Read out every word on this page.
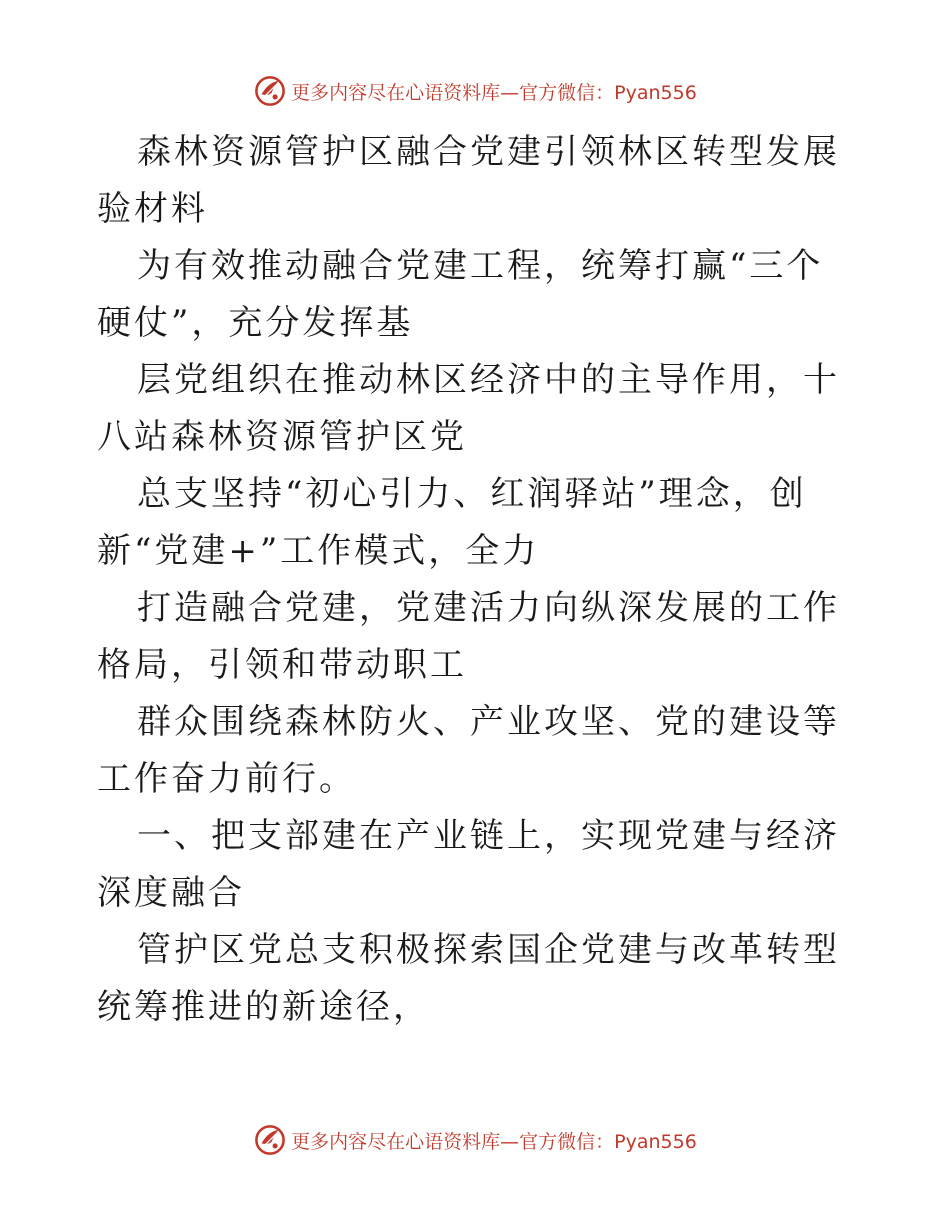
更多内容尽在心语资料库—官方微信：Pyan556

森林资源管护区融合党建引领林区转型发展验材料

为有效推动融合党建工程，统筹打赢“三个硬仗”，充分发挥基

层党组织在推动林区经济中的主导作用，十八站森林资源管护区党

总支坚持“初心引力、红润驿站”理念，创新“党建+”工作模式，全力

打造融合党建，党建活力向纵深发展的工作格局，引领和带动职工

群众围绕森林防火、产业攻坚、党的建设等工作奋力前行。

一、把支部建在产业链上，实现党建与经济深度融合

管护区党总支积极探索国企党建与改革转型统筹推进的新途径，

更多内容尽在心语资料库—官方微信：Pyan556
